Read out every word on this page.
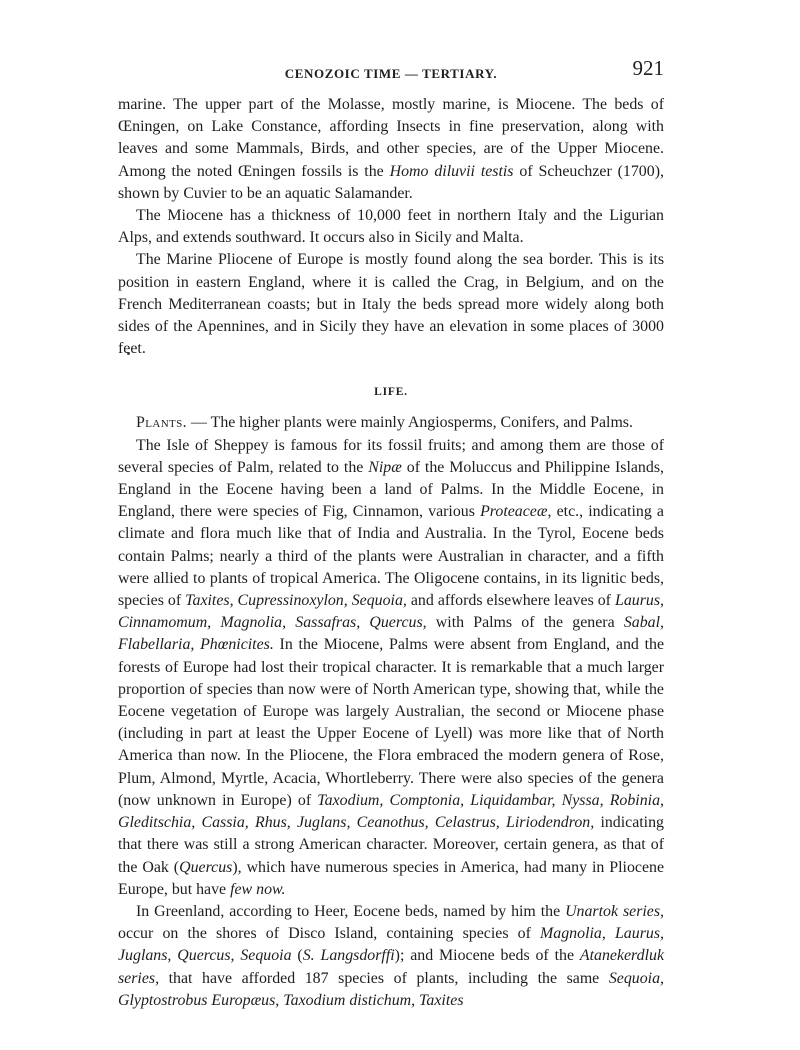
CENOZOIC TIME — TERTIARY.	921

marine. The upper part of the Molasse, mostly marine, is Miocene. The beds of Œningen, on Lake Constance, affording Insects in fine preservation, along with leaves and some Mammals, Birds, and other species, are of the Upper Miocene. Among the noted Œningen fossils is the Homo diluvii testis of Scheuchzer (1700), shown by Cuvier to be an aquatic Salamander.

The Miocene has a thickness of 10,000 feet in northern Italy and the Ligurian Alps, and extends southward. It occurs also in Sicily and Malta.

The Marine Pliocene of Europe is mostly found along the sea border. This is its position in eastern England, where it is called the Crag, in Belgium, and on the French Mediterranean coasts; but in Italy the beds spread more widely along both sides of the Apennines, and in Sicily they have an elevation in some places of 3000 feet.

LIFE.

Plants. — The higher plants were mainly Angiosperms, Conifers, and Palms.

The Isle of Sheppey is famous for its fossil fruits; and among them are those of several species of Palm, related to the Nipæ of the Moluccus and Philippine Islands, England in the Eocene having been a land of Palms. In the Middle Eocene, in England, there were species of Fig, Cinnamon, various Proteaceæ, etc., indicating a climate and flora much like that of India and Australia. In the Tyrol, Eocene beds contain Palms; nearly a third of the plants were Australian in character, and a fifth were allied to plants of tropical America. The Oligocene contains, in its lignitic beds, species of Taxites, Cupressinoxylon, Sequoia, and affords elsewhere leaves of Laurus, Cinnamomum, Magnolia, Sassafras, Quercus, with Palms of the genera Sabal, Flabellaria, Phœnicites. In the Miocene, Palms were absent from England, and the forests of Europe had lost their tropical character. It is remarkable that a much larger proportion of species than now were of North American type, showing that, while the Eocene vegetation of Europe was largely Australian, the second or Miocene phase (including in part at least the Upper Eocene of Lyell) was more like that of North America than now. In the Pliocene, the Flora embraced the modern genera of Rose, Plum, Almond, Myrtle, Acacia, Whortleberry. There were also species of the genera (now unknown in Europe) of Taxodium, Comptonia, Liquidambar, Nyssa, Robinia, Gleditschia, Cassia, Rhus, Juglans, Ceanothus, Celastrus, Liriodendron, indicating that there was still a strong American character. Moreover, certain genera, as that of the Oak (Quercus), which have numerous species in America, had many in Pliocene Europe, but have few now.

In Greenland, according to Heer, Eocene beds, named by him the Unartok series, occur on the shores of Disco Island, containing species of Magnolia, Laurus, Juglans, Quercus, Sequoia (S. Langsdorffi); and Miocene beds of the Atanekerdluk series, that have afforded 187 species of plants, including the same Sequoia, Glyptostrobus Europæus, Taxodium distichum, Taxites
